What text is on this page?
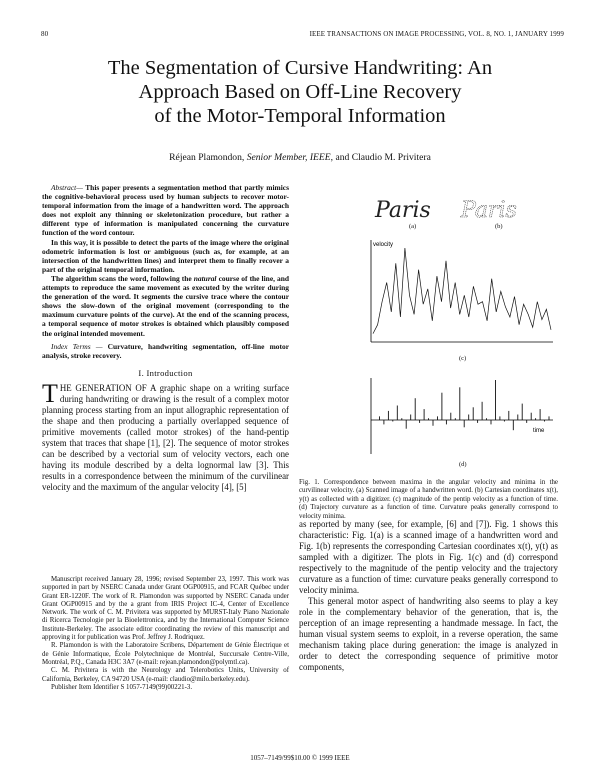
80	IEEE TRANSACTIONS ON IMAGE PROCESSING, VOL. 8, NO. 1, JANUARY 1999
The Segmentation of Cursive Handwriting: An
Approach Based on Off-Line Recovery
of the Motor-Temporal Information
Réjean Plamondon, Senior Member, IEEE, and Claudio M. Privitera

Abstract— This paper presents a segmentation method that partly mimics the cognitive-behavioral process used by human subjects to recover motor-temporal information from the image of a handwritten word. The approach does not exploit any thinning or skeletonization procedure, but rather a different type of information is manipulated concerning the curvature function of the word contour.

In this way, it is possible to detect the parts of the image where the original odometric information is lost or ambiguous (such as, for example, at an intersection of the handwritten lines) and interpret them to finally recover a part of the original temporal information.

The algorithm scans the word, following the natural course of the line, and attempts to reproduce the same movement as executed by the writer during the generation of the word. It segments the cursive trace where the contour shows the slow-down of the original movement (corresponding to the maximum curvature points of the curve). At the end of the scanning process, a temporal sequence of motor strokes is obtained which plausibly composed the original intended movement.

Index Terms — Curvature, handwriting segmentation, off-line motor analysis, stroke recovery.

I. Introduction

THE GENERATION OF A graphic shape on a writing surface during handwriting or drawing is the result of a complex motor planning process starting from an input allographic representation of the shape and then producing a partially overlapped sequence of primitive movements (called motor strokes) of the hand-pentip system that traces that shape [1], [2]. The sequence of motor strokes can be described by a vectorial sum of velocity vectors, each one having its module described by a delta lognormal law [3]. This results in a correspondence between the minimum of the curvilinear velocity and the maximum of the angular velocity [4], [5]

Manuscript received January 28, 1996; revised September 23, 1997. This work was supported in part by NSERC Canada under Grant OGP00915, and FCAR Québec under Grant ER-1220F. The work of R. Plamondon was supported by NSERC Canada under Grant OGP00915 and by the a grant from IRIS Project IC-4, Center of Excellence Network. The work of C. M. Privitera was supported by MURST-Italy Piano Nazionale di Ricerca Tecnologie per la Bioelettronica, and by the International Computer Science Institute-Berkeley. The associate editor coordinating the review of this manuscript and approving it for publication was Prof. Jeffrey J. Rodriquez.

R. Plamondon is with the Laboratoire Scribens, Département de Génie Électrique et de Génie Informatique, École Polytechnique de Montréal, Succursale Centre-Ville, Montréal, P.Q., Canada H3C 3A7 (e-mail: rejean.plamondon@polymtl.ca).

C. M. Privitera is with the Neurology and Telerobotics Units, University of California, Berkeley, CA 94720 USA (e-mail: claudio@milo.berkeley.edu).

Publisher Item Identifier S 1057-7149(99)00221-3.

Paris Paris
(a)	(b)
velocity
(c)
time
(d)
Fig. 1. Correspondence between maxima in the angular velocity and minima in the curvilinear velocity. (a) Scanned image of a handwritten word. (b) Cartesian coordinates x(t), y(t) as collected with a digitizer. (c) magnitude of the pentip velocity as a function of time. (d) Trajectory curvature as a function of time. Curvature peaks generally correspond to velocity minima.

as reported by many (see, for example, [6] and [7]). Fig. 1 shows this characteristic: Fig. 1(a) is a scanned image of a handwritten word and Fig. 1(b) represents the corresponding Cartesian coordinates x(t), y(t) as sampled with a digitizer. The plots in Fig. 1(c) and (d) correspond respectively to the magnitude of the pentip velocity and the trajectory curvature as a function of time: curvature peaks generally correspond to velocity minima.

This general motor aspect of handwriting also seems to play a key role in the complementary behavior of the generation, that is, the perception of an image representing a handmade message. In fact, the human visual system seems to exploit, in a reverse operation, the same mechanism taking place during generation: the image is analyzed in order to detect the corresponding sequence of primitive motor components,

1057–7149/99$10.00 © 1999 IEEE
